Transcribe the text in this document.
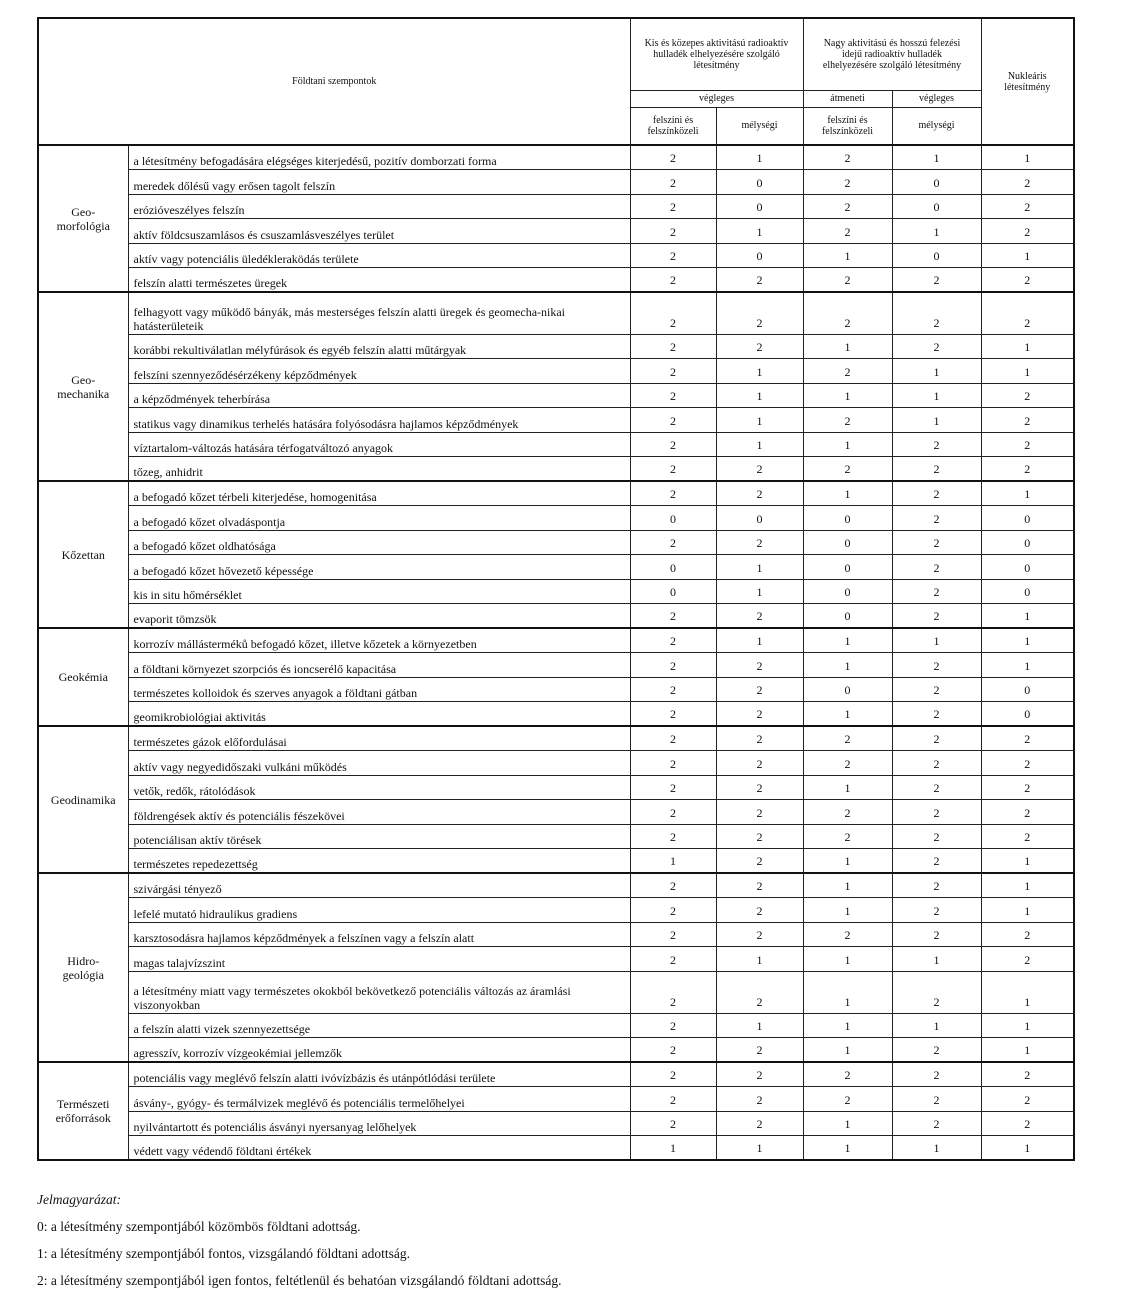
Földtani szempontok		Kis és közepes aktivitású radioaktív hulladék elhelyezésére szolgáló létesítmény		Nagy aktivitású és hosszú felezési idejű radioaktív hulladék elhelyezésére szolgáló létesítmény		Nukleáris létesítmény
		végleges		átmeneti	végleges	
		felszíni és felszínközeli	mélységi	felszíni és felszínközeli	mélységi	
Geo-
morfológia	a létesítmény befogadására elégséges kiterjedésű, pozitív domborzati forma	2	1	2	1	1
	meredek dőlésű vagy erősen tagolt felszín	2	0	2	0	2
	erózióveszélyes felszín	2	0	2	0	2
	aktív földcsuszamlásos és csuszamlásveszélyes terület	2	1	2	1	2
	aktív vagy potenciális üledékleraködás területe	2	0	1	0	1
	felszín alatti természetes üregek	2	2	2	2	2
Geo-
mechanika	felhagyott vagy működő bányák, más mesterséges felszín alatti üregek és geomecha-nikai hatásterületeik	2	2	2	2	2
	korábbi rekultiválatlan mélyfúrások és egyéb felszín alatti műtárgyak	2	2	1	2	1
	felszíni szennyeződésérzékeny képződmények	2	1	2	1	1
	a képződmények teherbírása	2	1	1	1	2
	statikus vagy dinamikus terhelés hatására folyósodásra hajlamos képződmények	2	1	2	1	2
	víztartalom-változás hatására térfogatváltozó anyagok	2	1	1	2	2
	tőzeg, anhidrit	2	2	2	2	2
Kőzettan	a befogadó kőzet térbeli kiterjedése, homogenitása	2	2	1	2	1
	a befogadó kőzet olvadáspontja	0	0	0	2	0
	a befogadó kőzet oldhatósága	2	2	0	2	0
	a befogadó kőzet hővezető képessége	0	1	0	2	0
	kis in situ hőmérséklet	0	1	0	2	0
	evaporit tömzsök	2	2	0	2	1
Geokémia	korrozív mállásterméků befogadó kőzet, illetve kőzetek a környezetben	2	1	1	1	1
	a földtani környezet szorpciós és ioncserélő kapacitása	2	2	1	2	1
	természetes kolloidok és szerves anyagok a földtani gátban	2	2	0	2	0
	geomikrobiológiai aktivitás	2	2	1	2	0
Geodinamika	természetes gázok előfordulásai	2	2	2	2	2
	aktív vagy negyedidőszaki vulkáni működés	2	2	2	2	2
	vetők, redők, rátolódások	2	2	1	2	2
	földrengések aktív és potenciális fészekövei	2	2	2	2	2
	potenciálisan aktív törések	2	2	2	2	2
	természetes repedezettség	1	2	1	2	1
Hidro-
geológia	szivárgási tényező	2	2	1	2	1
	lefelé mutató hidraulikus gradiens	2	2	1	2	1
	karsztosodásra hajlamos képződmények a felszínen vagy a felszín alatt	2	2	2	2	2
	magas talajvízszint	2	1	1	1	2
	a létesítmény miatt vagy természetes okokból bekövetkező potenciális változás az áramlási viszonyokban	2	2	1	2	1
	a felszín alatti vizek szennyezettsége	2	1	1	1	1
	agresszív, korrozív vízgeokémiai jellemzők	2	2	1	2	1
Természeti
erőforrások	potenciális vagy meglévő felszín alatti ivóvízbázis és utánpótlódási területe	2	2	2	2	2
	ásvány-, gyógy- és termálvizek meglévő és potenciális termelőhelyei	2	2	2	2	2
	nyilvántartott és potenciális ásványi nyersanyag lelőhelyek	2	2	1	2	2
	védett vagy védendő földtani értékek	1	1	1	1	1
Jelmagyarázat:
0: a létesítmény szempontjából közömbös földtani adottság.
1: a létesítmény szempontjából fontos, vizsgálandó földtani adottság.
2: a létesítmény szempontjából igen fontos, feltétlenül és behatóan vizsgálandó földtani adottság.
